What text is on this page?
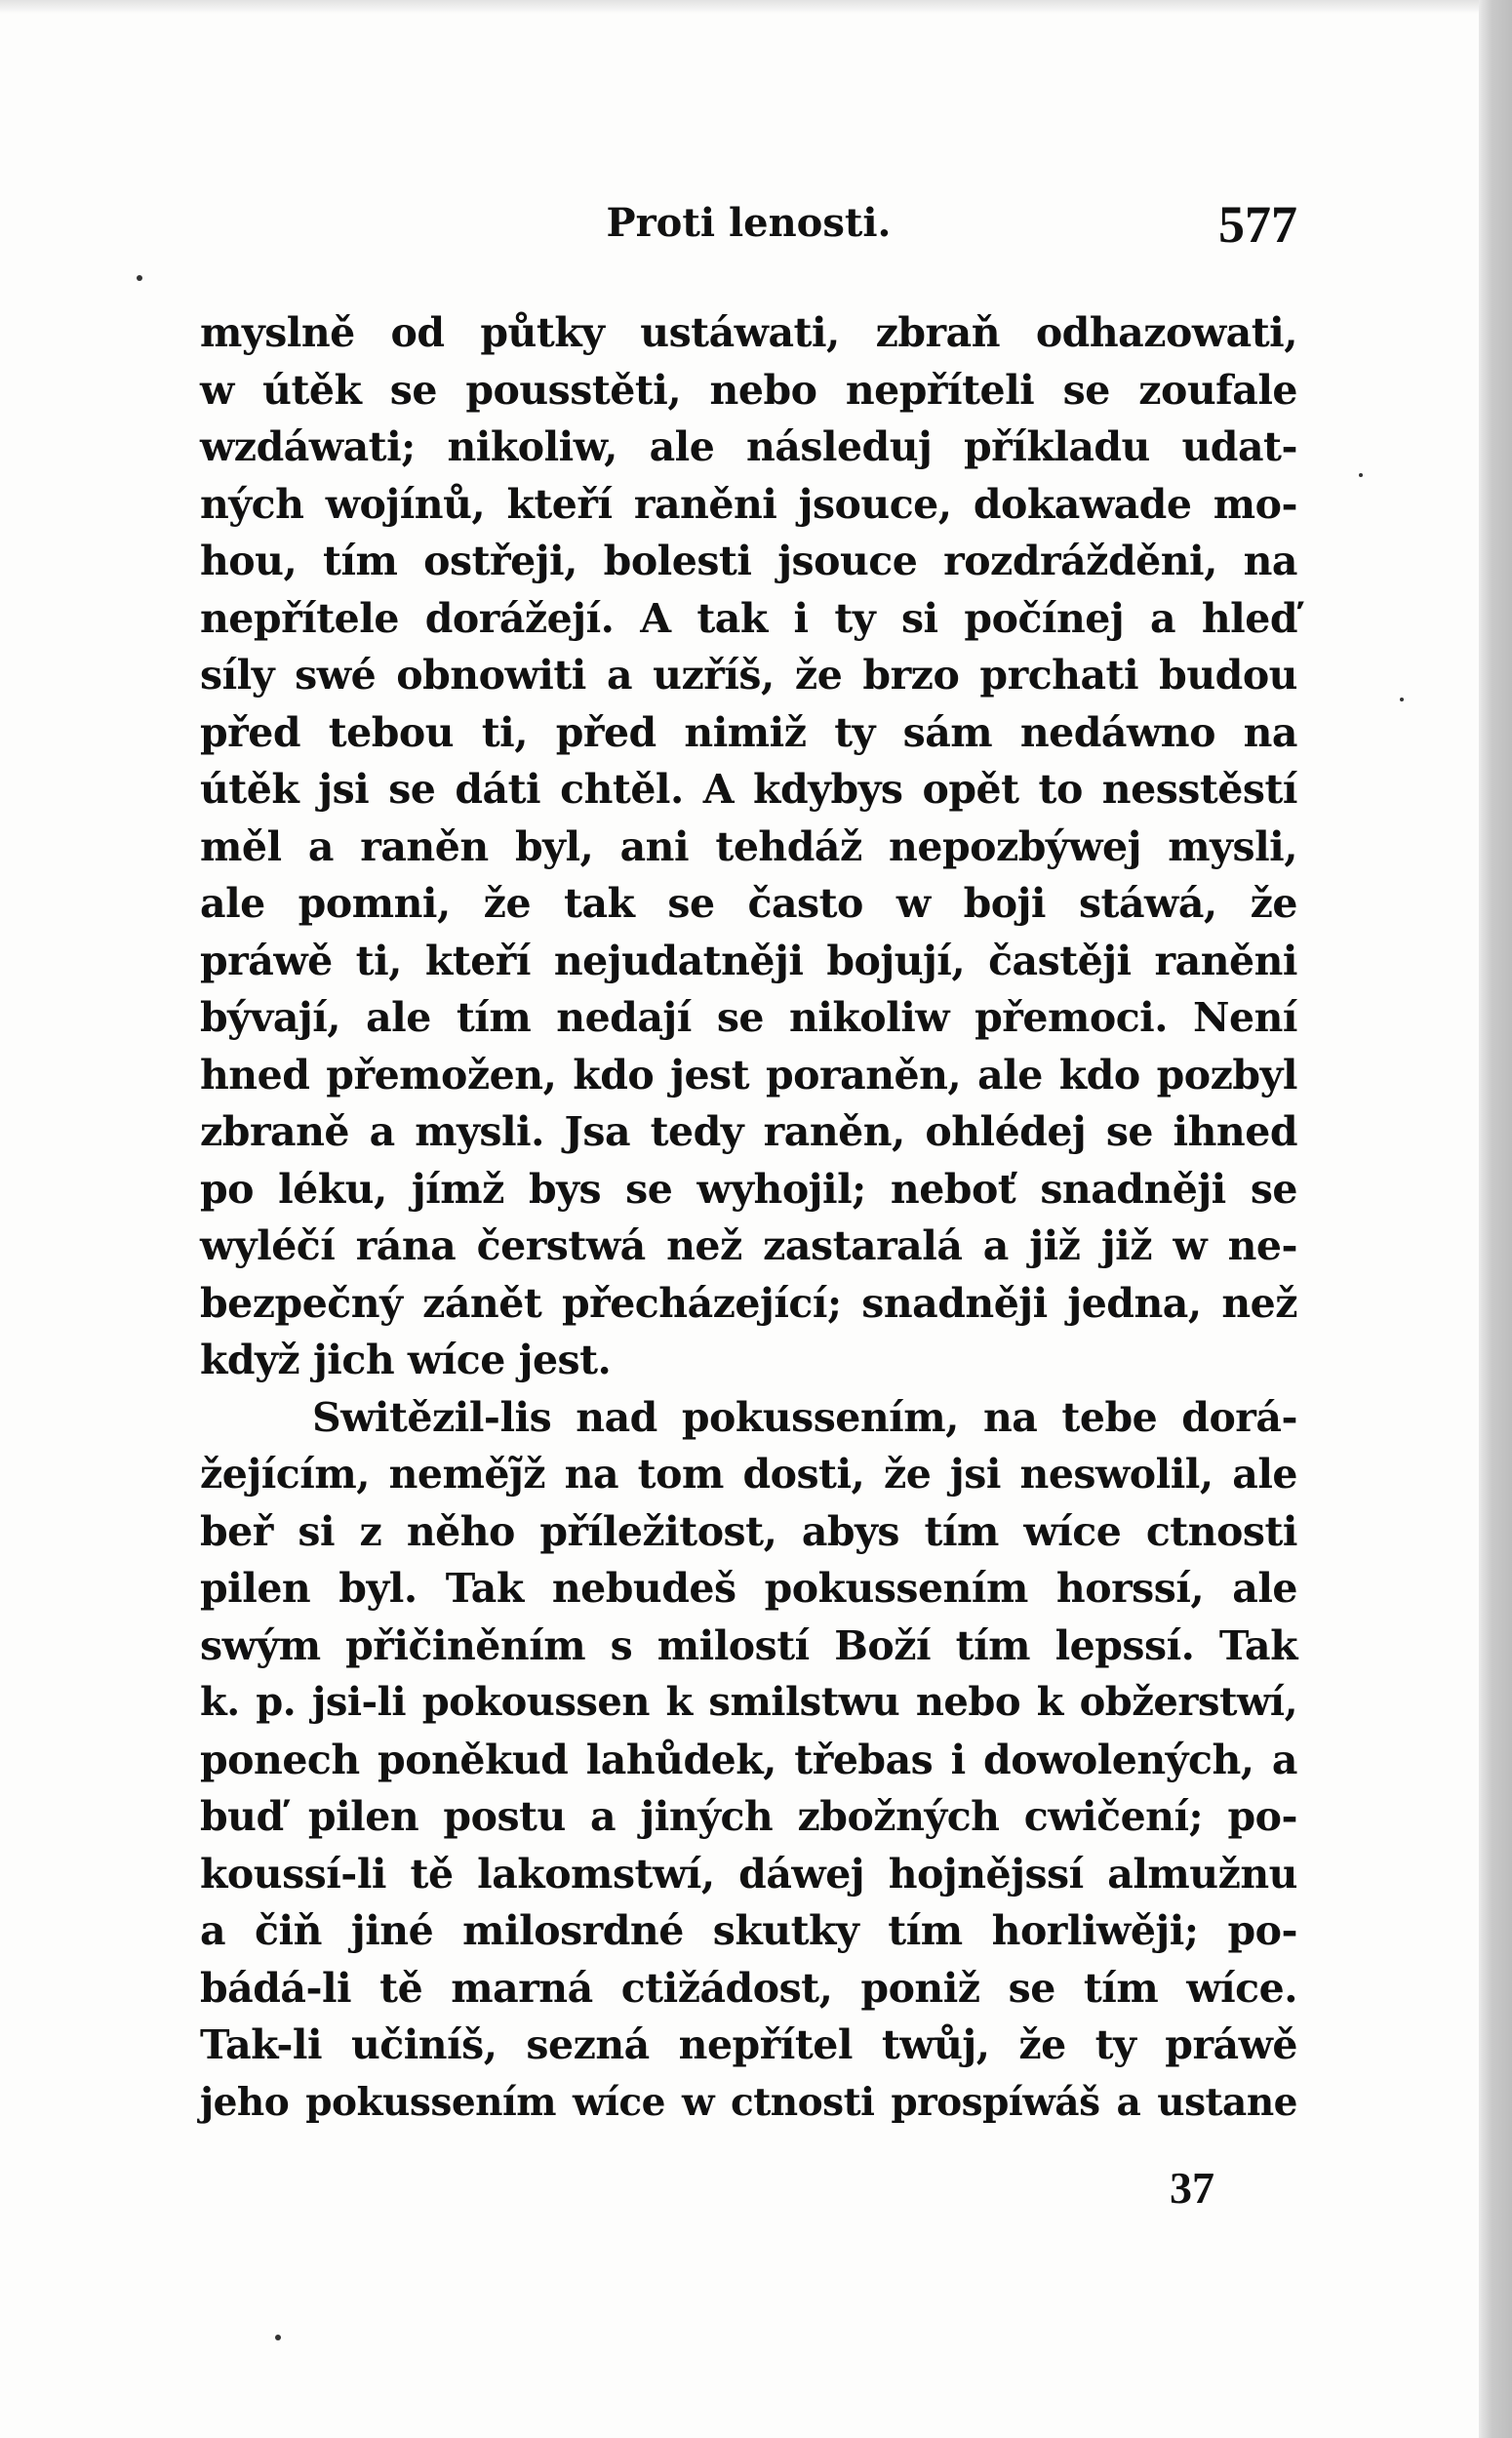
Proti lenosti.	577
myslně od půtky ustáwati, zbraň odhazowati,
w útěk se pousstěti, nebo nepříteli se zoufale
wzdáwati; nikoliw, ale následuj příkladu udat-
ných wojínů, kteří raněni jsouce, dokawade mo-
hou, tím ostřeji, bolesti jsouce rozdrážděni, na
nepřítele dorážejí. A tak i ty si počínej a hleď
síly swé obnowiti a uzříš, že brzo prchati budou
před tebou ti, před nimiž ty sám nedáwno na
útěk jsi se dáti chtěl. A kdybys opět to nesstěstí
měl a raněn byl, ani tehdáž nepozbýwej mysli,
ale pomni, že tak se často w boji stáwá, že
práwě ti, kteří nejudatněji bojují, častěji raněni
bývají, ale tím nedají se nikoliw přemoci. Není
hned přemožen, kdo jest poraněn, ale kdo pozbyl
zbraně a mysli. Jsa tedy raněn, ohlédej se ihned
po léku, jímž bys se wyhojil; neboť snadněji se
wyléčí rána čerstwá než zastaralá a již již w ne-
bezpečný zánět přecházející; snadněji jedna, než
když jich wíce jest.
Switězil-lis nad pokussením, na tebe dorá-
žejícím, neměj̃ž na tom dosti, že jsi neswolil, ale
beř si z něho příležitost, abys tím wíce ctnosti
pilen byl. Tak nebudeš pokussením horssí, ale
swým přičiněním s milostí Boží tím lepssí. Tak
k. p. jsi-li pokoussen k smilstwu nebo k obžerstwí,
ponech poněkud lahůdek, třebas i dowolených, a
buď pilen postu a jiných zbožných cwičení; po-
koussí-li tě lakomstwí, dáwej hojnějssí almužnu
a čiň jiné milosrdné skutky tím horliwěji; po-
bádá-li tě marná ctižádost, poniž se tím wíce.
Tak-li učiníš, sezná nepřítel twůj, že ty práwě
jeho pokussením wíce w ctnosti prospíwáš a ustane
37
